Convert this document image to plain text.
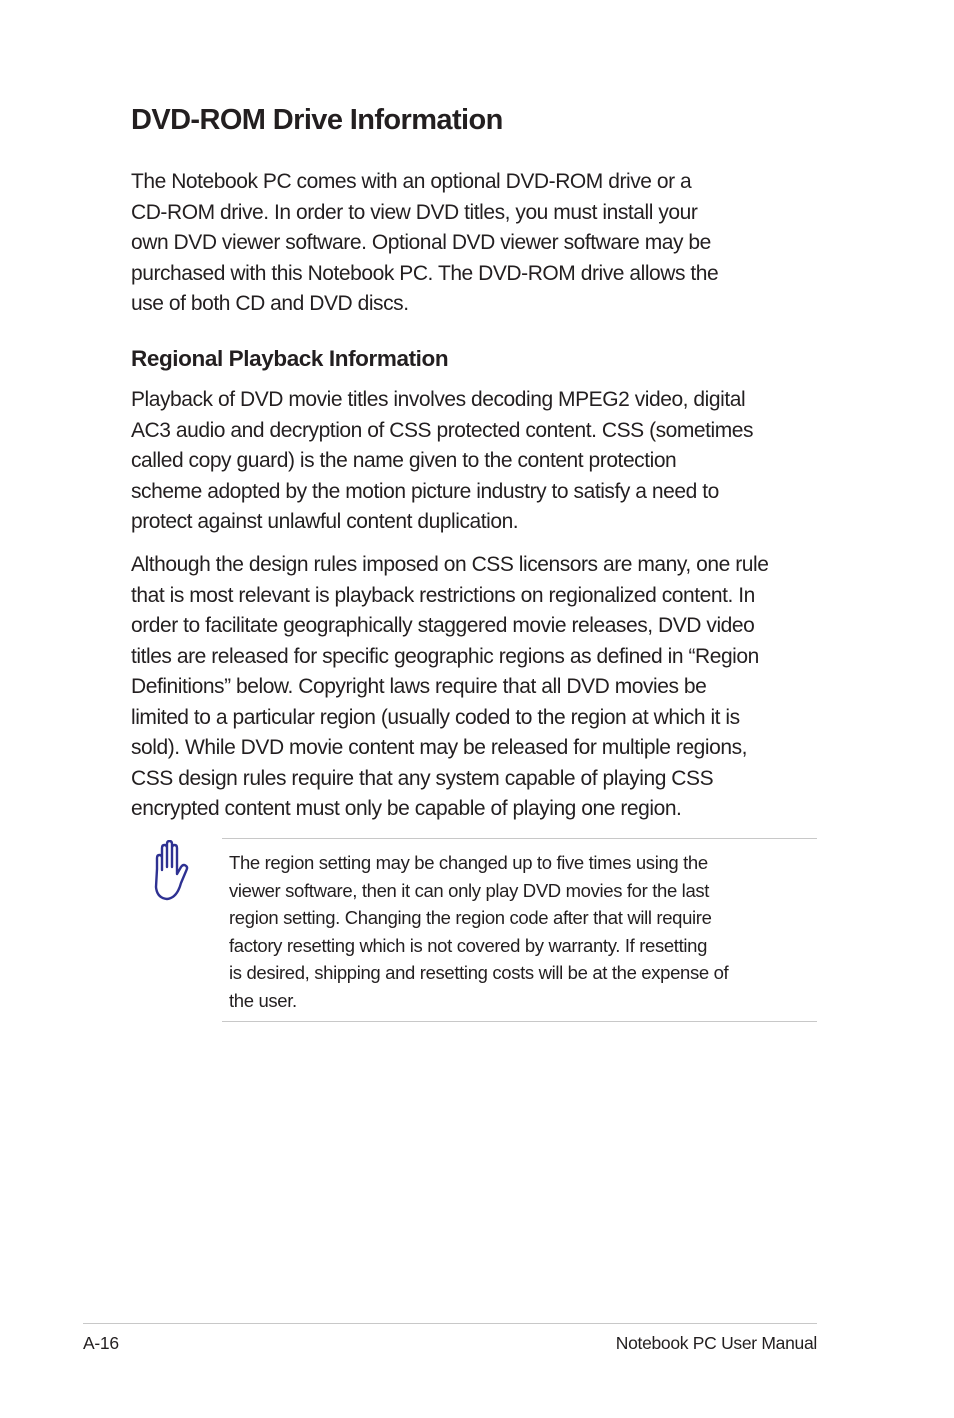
DVD-ROM Drive Information

The Notebook PC comes with an optional DVD-ROM drive or a
CD-ROM drive. In order to view DVD titles, you must install your
own DVD viewer software. Optional DVD viewer software may be
purchased with this Notebook PC. The DVD-ROM drive allows the
use of both CD and DVD discs.

Regional Playback Information

Playback of DVD movie titles involves decoding MPEG2 video, digital
AC3 audio and decryption of CSS protected content. CSS (sometimes
called copy guard) is the name given to the content protection
scheme adopted by the motion picture industry to satisfy a need to
protect against unlawful content duplication.

Although the design rules imposed on CSS licensors are many, one rule
that is most relevant is playback restrictions on regionalized content. In
order to facilitate geographically staggered movie releases, DVD video
titles are released for specific geographic regions as defined in “Region
Definitions” below. Copyright laws require that all DVD movies be
limited to a particular region (usually coded to the region at which it is
sold). While DVD movie content may be released for multiple regions,
CSS design rules require that any system capable of playing CSS
encrypted content must only be capable of playing one region.

The region setting may be changed up to five times using the
viewer software, then it can only play DVD movies for the last
region setting. Changing the region code after that will require
factory resetting which is not covered by warranty. If resetting
is desired, shipping and resetting costs will be at the expense of
the user.

A-16	Notebook PC User Manual
